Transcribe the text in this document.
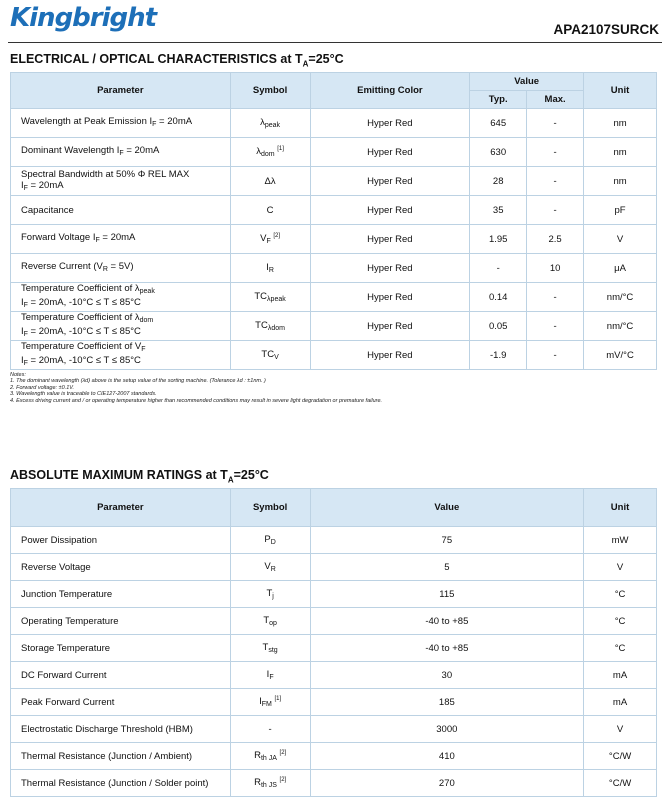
Kingbright	APA2107SURCK
ELECTRICAL / OPTICAL CHARACTERISTICS at $T_A=25^\circ C$
Parameter	Symbol	Emitting Color	Value		Unit
			Typ.	Max.	
Wavelength at Peak Emission $I_F = 20mA$	$\lambda_{peak}$	Hyper Red	645	-	nm
Dominant Wavelength $I_F = 20mA$	$\lambda_{dom}$ [1]	Hyper Red	630	-	nm
Spectral Bandwidth at 50% Φ REL MAX
$I_F = 20mA$	Δλ	Hyper Red	28	-	nm
Capacitance	C	Hyper Red	35	-	pF
Forward Voltage $I_F = 20mA$	$V_F$ [2]	Hyper Red	1.95	2.5	V
Reverse Current $(V_R = 5V)$	$I_R$	Hyper Red	-	10	μA
Temperature Coefficient of $\lambda_{peak}$
$I_F = 20mA$, -10°C ≤ T ≤ 85°C	$TC_{\lambda peak}$	Hyper Red	0.14	-	nm/°C
Temperature Coefficient of $\lambda_{dom}$
$I_F = 20mA$, -10°C ≤ T ≤ 85°C	$TC_{\lambda dom}$	Hyper Red	0.05	-	nm/°C
Temperature Coefficient of $V_F$
$I_F = 20mA$, -10°C ≤ T ≤ 85°C	$TC_V$	Hyper Red	-1.9	-	mV/°C
Notes:
1. The dominant wavelength (λd) above is the setup value of the sorting machine. (Tolerance λd : ±1nm. )
2. Forward voltage: ±0.1V.
3. Wavelength value is traceable to CIE127-2007 standards.
4. Excess driving current and / or operating temperature higher than recommended conditions may result in severe light degradation or premature failure.
ABSOLUTE MAXIMUM RATINGS at $T_A=25^\circ C$
Parameter	Symbol	Value	Unit
Power Dissipation	$P_D$	75	mW
Reverse Voltage	$V_R$	5	V
Junction Temperature	$T_j$	115	°C
Operating Temperature	$T_{op}$	-40 to +85	°C
Storage Temperature	$T_{stg}$	-40 to +85	°C
DC Forward Current	$I_F$	30	mA
Peak Forward Current	$I_{FM}$ [1]	185	mA
Electrostatic Discharge Threshold (HBM)	-	3000	V
Thermal Resistance (Junction / Ambient)	$R_{th JA}$ [2]	410	°C/W
Thermal Resistance (Junction / Solder point)	$R_{th JS}$ [2]	270	°C/W
